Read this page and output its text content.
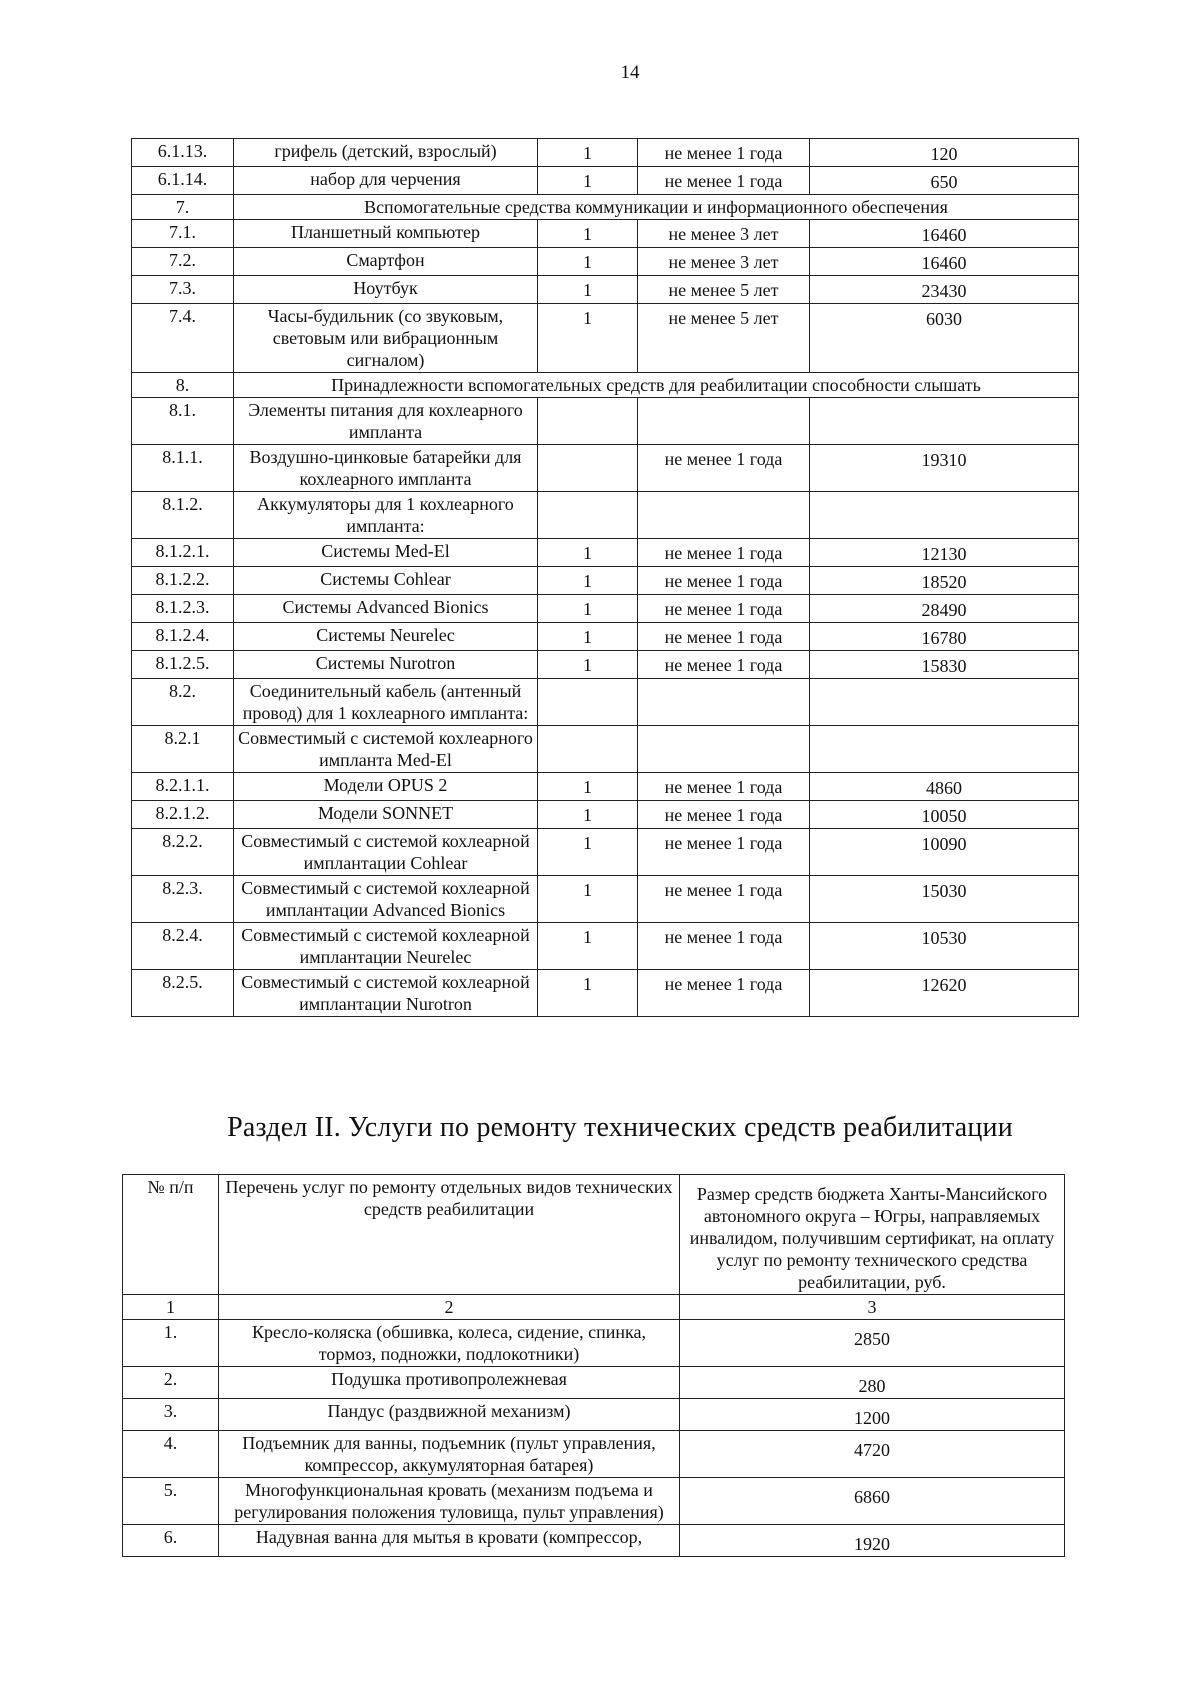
14
6.1.13.	грифель (детский, взрослый)	1	не менее 1 года	120
6.1.14.	набор для черчения	1	не менее 1 года	650
7.	Вспомогательные средства коммуникации и информационного обеспечения			
7.1.	Планшетный компьютер	1	не менее 3 лет	16460
7.2.	Смартфон	1	не менее 3 лет	16460
7.3.	Ноутбук	1	не менее 5 лет	23430
7.4.	Часы-будильник (со звуковым, световым или вибрационным сигналом)	1	не менее 5 лет	6030
8.	Принадлежности вспомогательных средств для реабилитации способности слышать			
8.1.	Элементы питания для кохлеарного импланта			
8.1.1.	Воздушно-цинковые батарейки для кохлеарного импланта		не менее 1 года	19310
8.1.2.	Аккумуляторы для 1 кохлеарного импланта:			
8.1.2.1.	Системы Med-El	1	не менее 1 года	12130
8.1.2.2.	Системы Cohlear	1	не менее 1 года	18520
8.1.2.3.	Системы Advanced Bionics	1	не менее 1 года	28490
8.1.2.4.	Системы Neurelec	1	не менее 1 года	16780
8.1.2.5.	Системы Nurotron	1	не менее 1 года	15830
8.2.	Соединительный кабель (антенный провод) для 1 кохлеарного импланта:			
8.2.1	Совместимый с системой кохлеарного импланта Med-El			
8.2.1.1.	Модели OPUS 2	1	не менее 1 года	4860
8.2.1.2.	Модели SONNET	1	не менее 1 года	10050
8.2.2.	Совместимый с системой кохлеарной имплантации Cohlear	1	не менее 1 года	10090
8.2.3.	Совместимый с системой кохлеарной имплантации Advanced Bionics	1	не менее 1 года	15030
8.2.4.	Совместимый с системой кохлеарной имплантации Neurelec	1	не менее 1 года	10530
8.2.5.	Совместимый с системой кохлеарной имплантации Nurotron	1	не менее 1 года	12620
Раздел II. Услуги по ремонту технических средств реабилитации
№ п/п	Перечень услуг по ремонту отдельных видов технических средств реабилитации	Размер средств бюджета Ханты-Мансийского автономного округа – Югры, направляемых инвалидом, получившим сертификат, на оплату услуг по ремонту технического средства реабилитации, руб.
1	2	3
1.	Кресло-коляска (обшивка, колеса, сидение, спинка, тормоз, подножки, подлокотники)	2850
2.	Подушка противопролежневая	280
3.	Пандус (раздвижной механизм)	1200
4.	Подъемник для ванны, подъемник (пульт управления, компрессор, аккумуляторная батарея)	4720
5.	Многофункциональная кровать (механизм подъема и регулирования положения туловища, пульт управления)	6860
6.	Надувная ванна для мытья в кровати (компрессор,	1920
